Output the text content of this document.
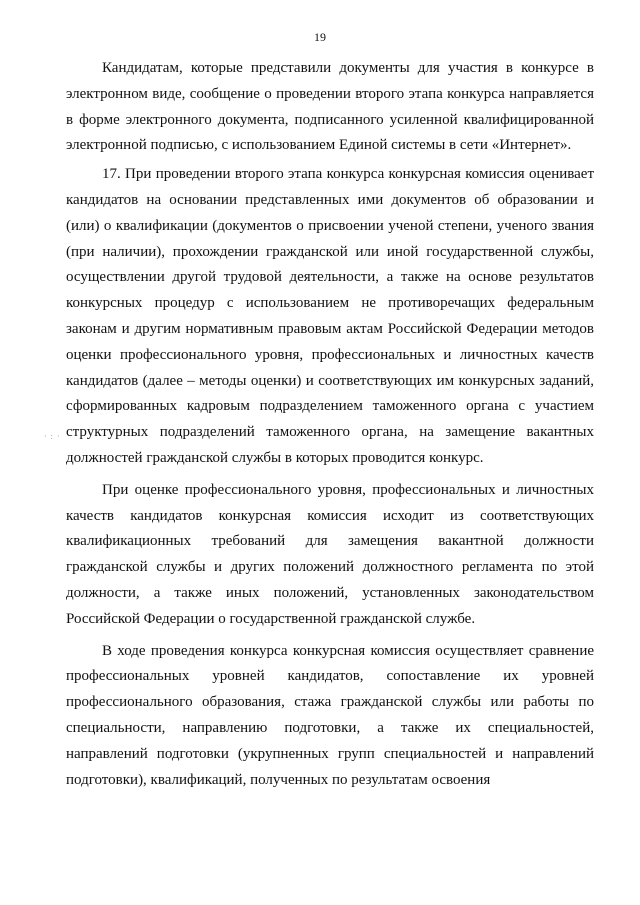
19
· : ·

Кандидатам, которые представили документы для участия в конкурсе в электронном виде, сообщение о проведении второго этапа конкурса направляется в форме электронного документа, подписанного усиленной квалифицированной электронной подписью, с использованием Единой системы в сети «Интернет».

17. При проведении второго этапа конкурса конкурсная комиссия оценивает кандидатов на основании представленных ими документов об образовании и (или) о квалификации (документов о присвоении ученой степени, ученого звания (при наличии), прохождении гражданской или иной государственной службы, осуществлении другой трудовой деятельности, а также на основе результатов конкурсных процедур с использованием не противоречащих федеральным законам и другим нормативным правовым актам Российской Федерации методов оценки профессионального уровня, профессиональных и личностных качеств кандидатов (далее – методы оценки) и соответствующих им конкурсных заданий, сформированных кадровым подразделением таможенного органа с участием структурных подразделений таможенного органа, на замещение вакантных должностей гражданской службы в которых проводится конкурс.

При оценке профессионального уровня, профессиональных и личностных качеств кандидатов конкурсная комиссия исходит из соответствующих квалификационных требований для замещения вакантной должности гражданской службы и других положений должностного регламента по этой должности, а также иных положений, установленных законодательством Российской Федерации о государственной гражданской службе.

В ходе проведения конкурса конкурсная комиссия осуществляет сравнение профессиональных уровней кандидатов, сопоставление их уровней профессионального образования, стажа гражданской службы или работы по специальности, направлению подготовки, а также их специальностей, направлений подготовки (укрупненных групп специальностей и направлений подготовки), квалификаций, полученных по результатам освоения
